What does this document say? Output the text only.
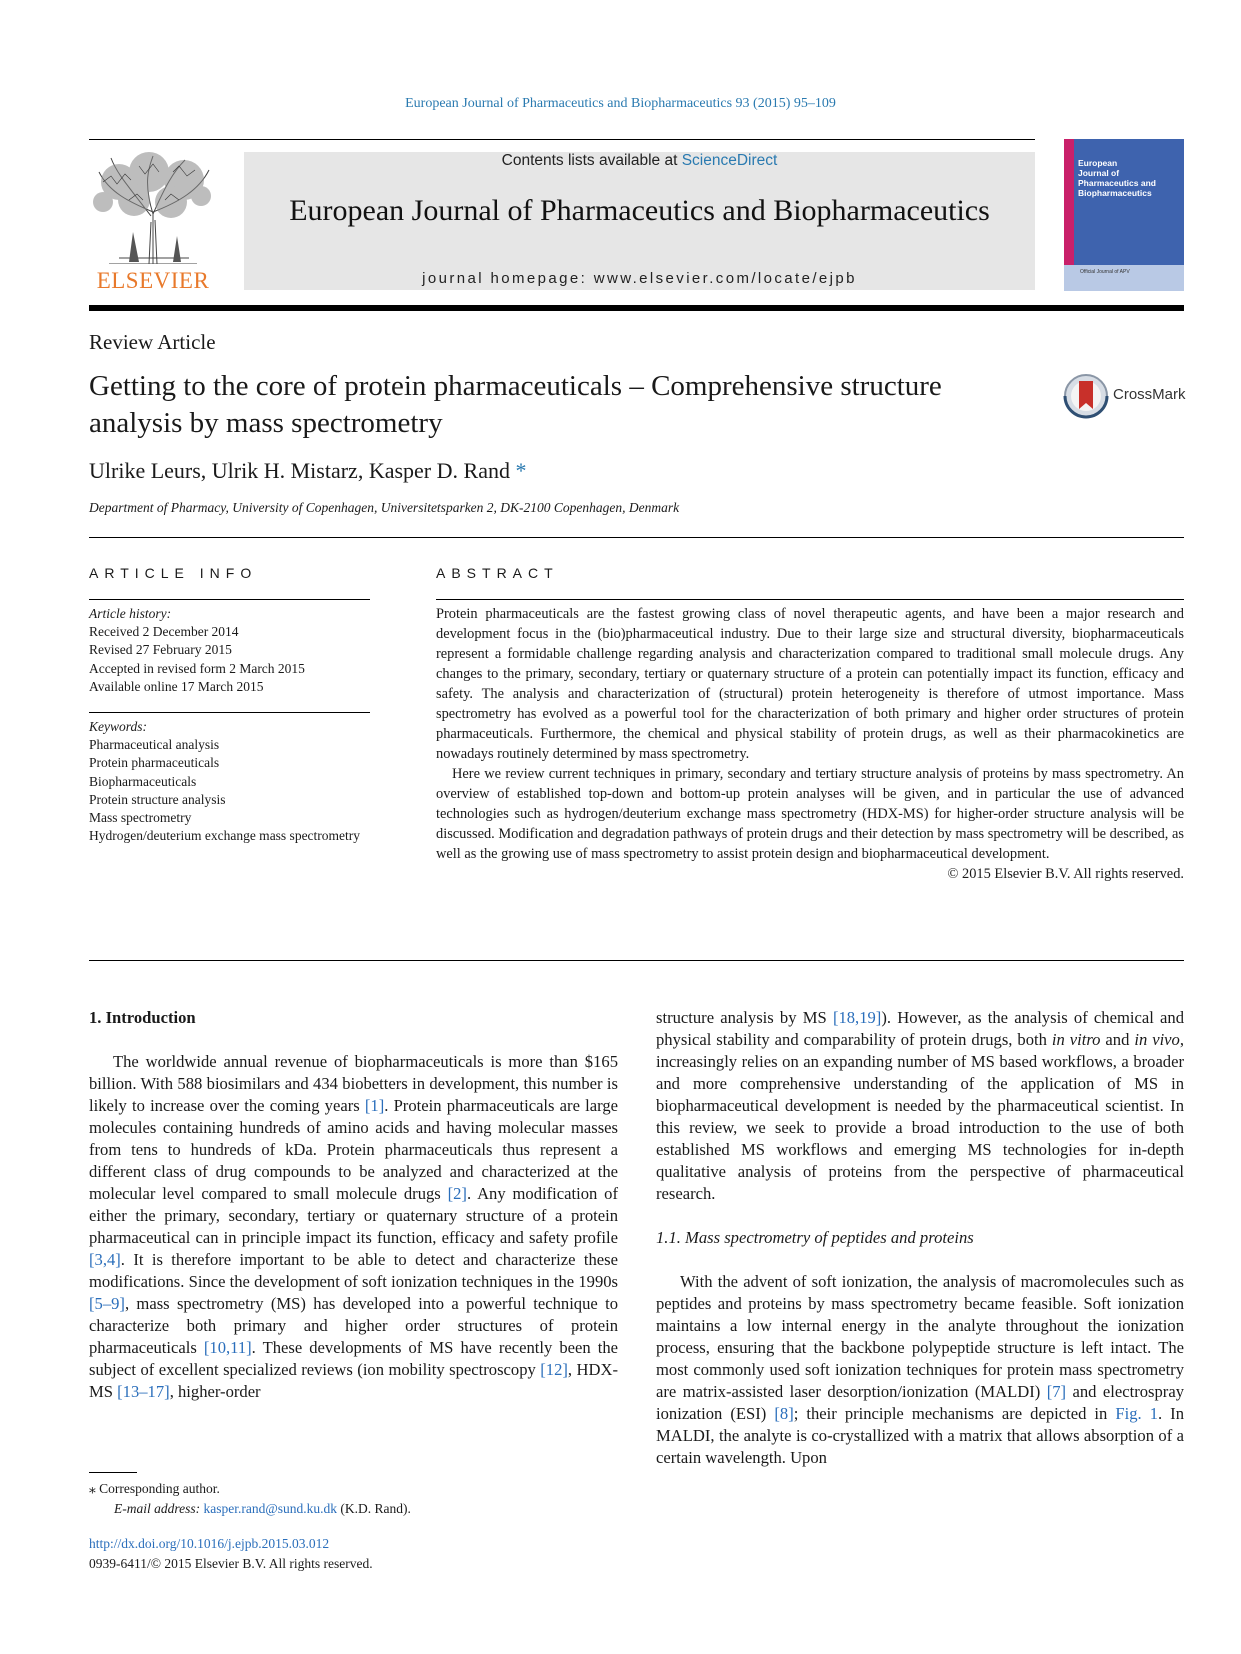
European Journal of Pharmaceutics and Biopharmaceutics 93 (2015) 95–109
ELSEVIER
Contents lists available at ScienceDirect
European Journal of Pharmaceutics and Biopharmaceutics
journal homepage: www.elsevier.com/locate/ejpb
European
Journal of
Pharmaceutics and
Biopharmaceutics
Official Journal of APV
Review Article
Getting to the core of protein pharmaceuticals – Comprehensive structure analysis by mass spectrometry
CrossMark
Ulrike Leurs, Ulrik H. Mistarz, Kasper D. Rand *
Department of Pharmacy, University of Copenhagen, Universitetsparken 2, DK-2100 Copenhagen, Denmark
ARTICLE INFO
Article history:
Received 2 December 2014
Revised 27 February 2015
Accepted in revised form 2 March 2015
Available online 17 March 2015
Keywords:
Pharmaceutical analysis
Protein pharmaceuticals
Biopharmaceuticals
Protein structure analysis
Mass spectrometry
Hydrogen/deuterium exchange mass spectrometry
ABSTRACT

Protein pharmaceuticals are the fastest growing class of novel therapeutic agents, and have been a major research and development focus in the (bio)pharmaceutical industry. Due to their large size and structural diversity, biopharmaceuticals represent a formidable challenge regarding analysis and characterization compared to traditional small molecule drugs. Any changes to the primary, secondary, tertiary or quaternary structure of a protein can potentially impact its function, efficacy and safety. The analysis and characterization of (structural) protein heterogeneity is therefore of utmost importance. Mass spectrometry has evolved as a powerful tool for the characterization of both primary and higher order structures of protein pharmaceuticals. Furthermore, the chemical and physical stability of protein drugs, as well as their pharmacokinetics are nowadays routinely determined by mass spectrometry.

Here we review current techniques in primary, secondary and tertiary structure analysis of proteins by mass spectrometry. An overview of established top-down and bottom-up protein analyses will be given, and in particular the use of advanced technologies such as hydrogen/deuterium exchange mass spectrometry (HDX-MS) for higher-order structure analysis will be discussed. Modification and degradation pathways of protein drugs and their detection by mass spectrometry will be described, as well as the growing use of mass spectrometry to assist protein design and biopharmaceutical development.

© 2015 Elsevier B.V. All rights reserved.

1. Introduction

The worldwide annual revenue of biopharmaceuticals is more than $165 billion. With 588 biosimilars and 434 biobetters in development, this number is likely to increase over the coming years [1]. Protein pharmaceuticals are large molecules containing hundreds of amino acids and having molecular masses from tens to hundreds of kDa. Protein pharmaceuticals thus represent a different class of drug compounds to be analyzed and characterized at the molecular level compared to small molecule drugs [2]. Any modification of either the primary, secondary, tertiary or quaternary structure of a protein pharmaceutical can in principle impact its function, efficacy and safety profile [3,4]. It is therefore important to be able to detect and characterize these modifications. Since the development of soft ionization techniques in the 1990s [5–9], mass spectrometry (MS) has developed into a powerful technique to characterize both primary and higher order structures of protein pharmaceuticals [10,11]. These developments of MS have recently been the subject of excellent specialized reviews (ion mobility spectroscopy [12], HDX-MS [13–17], higher-order

structure analysis by MS [18,19]). However, as the analysis of chemical and physical stability and comparability of protein drugs, both in vitro and in vivo, increasingly relies on an expanding number of MS based workflows, a broader and more comprehensive understanding of the application of MS in biopharmaceutical development is needed by the pharmaceutical scientist. In this review, we seek to provide a broad introduction to the use of both established MS workflows and emerging MS technologies for in-depth qualitative analysis of proteins from the perspective of pharmaceutical research.

1.1. Mass spectrometry of peptides and proteins

With the advent of soft ionization, the analysis of macromolecules such as peptides and proteins by mass spectrometry became feasible. Soft ionization maintains a low internal energy in the analyte throughout the ionization process, ensuring that the backbone polypeptide structure is left intact. The most commonly used soft ionization techniques for protein mass spectrometry are matrix-assisted laser desorption/ionization (MALDI) [7] and electrospray ionization (ESI) [8]; their principle mechanisms are depicted in Fig. 1. In MALDI, the analyte is co-crystallized with a matrix that allows absorption of a certain wavelength. Upon

⁎ Corresponding author.
E-mail address: kasper.rand@sund.ku.dk (K.D. Rand).
http://dx.doi.org/10.1016/j.ejpb.2015.03.012
0939-6411/© 2015 Elsevier B.V. All rights reserved.
